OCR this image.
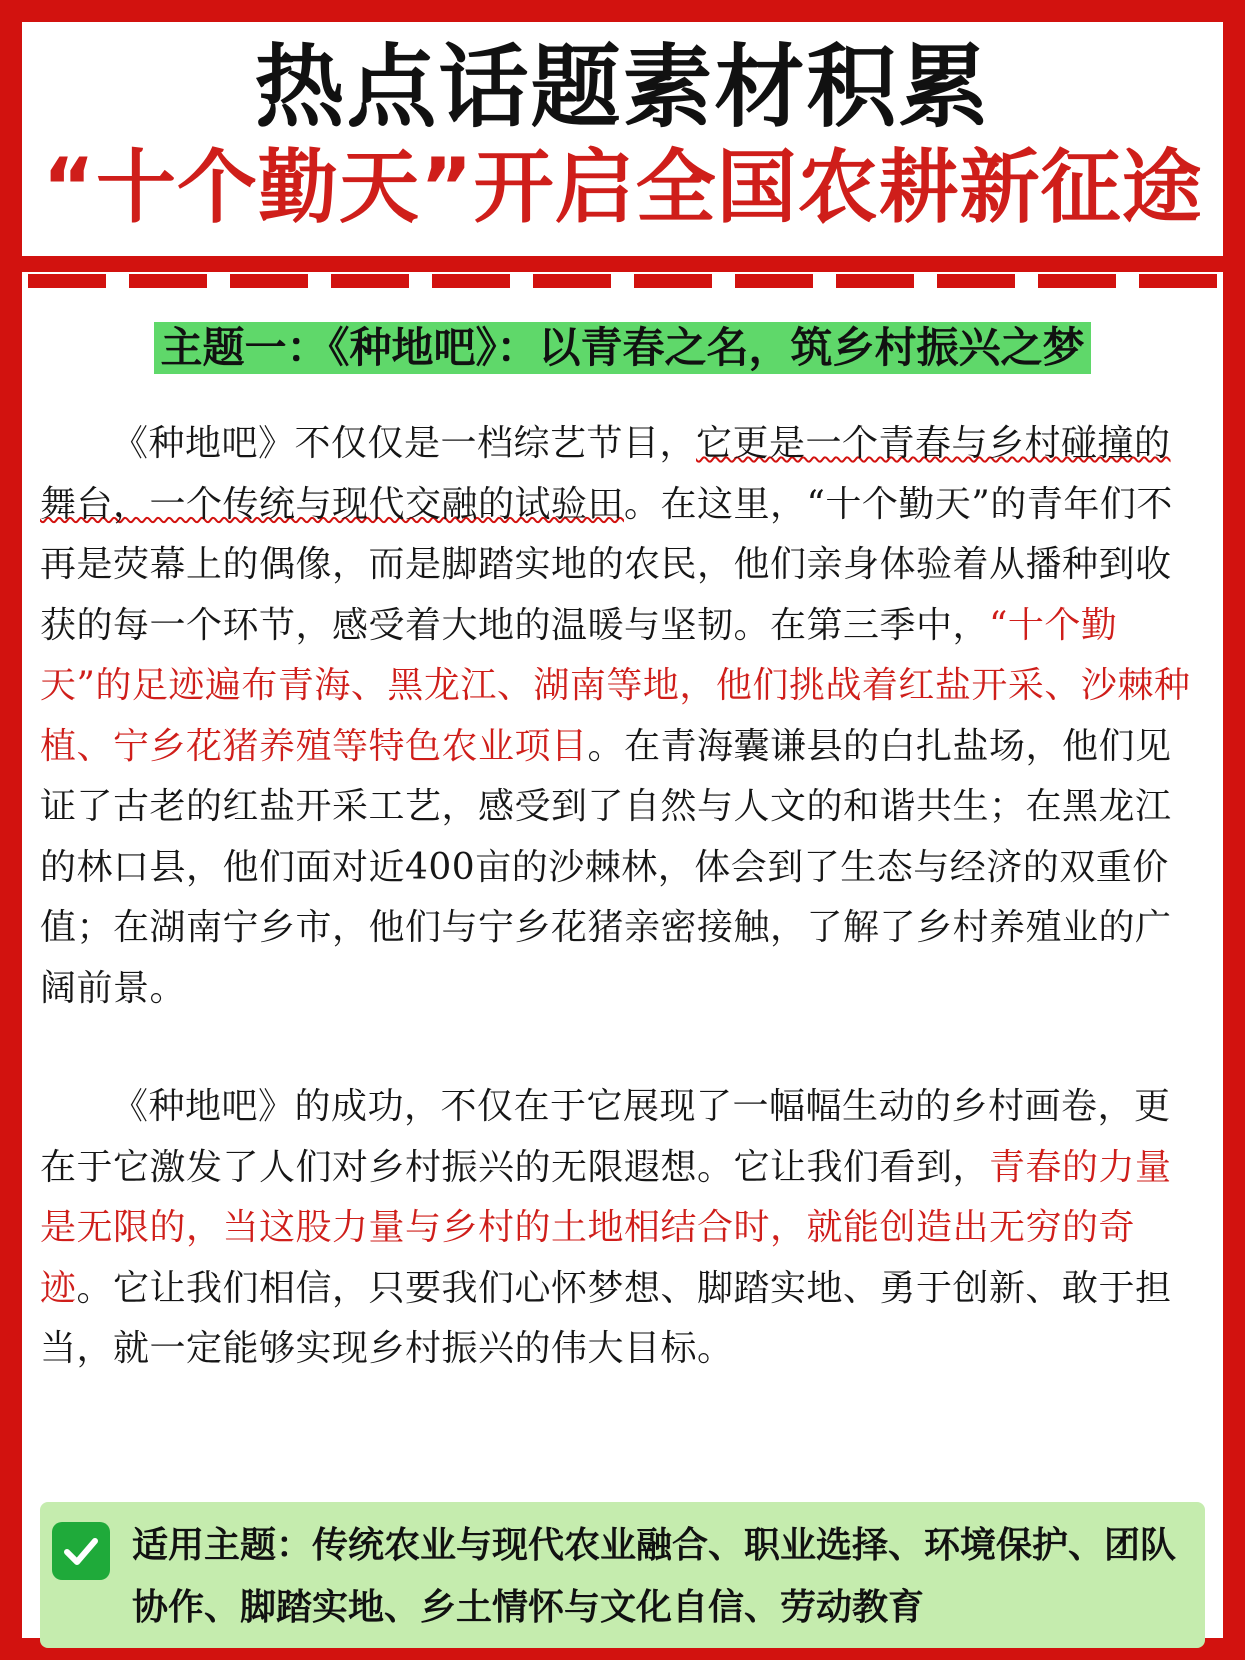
热点话题素材积累
“十个勤天”开启全国农耕新征途
主题一：《种地吧》：以青春之名，筑乡村振兴之梦

《种地吧》不仅仅是一档综艺节目，它更是一个青春与乡村碰撞的舞台，一个传统与现代交融的试验田。在这里，“十个勤天”的青年们不再是荧幕上的偶像，而是脚踏实地的农民，他们亲身体验着从播种到收获的每一个环节，感受着大地的温暖与坚韧。在第三季中，“十个勤天”的足迹遍布青海、黑龙江、湖南等地，他们挑战着红盐开采、沙棘种植、宁乡花猪养殖等特色农业项目。在青海囊谦县的白扎盐场，他们见证了古老的红盐开采工艺，感受到了自然与人文的和谐共生；在黑龙江的林口县，他们面对近400亩的沙棘林，体会到了生态与经济的双重价值；在湖南宁乡市，他们与宁乡花猪亲密接触，了解了乡村养殖业的广阔前景。

《种地吧》的成功，不仅在于它展现了一幅幅生动的乡村画卷，更在于它激发了人们对乡村振兴的无限遐想。它让我们看到，青春的力量是无限的，当这股力量与乡村的土地相结合时，就能创造出无穷的奇迹。它让我们相信，只要我们心怀梦想、脚踏实地、勇于创新、敢于担当，就一定能够实现乡村振兴的伟大目标。

适用主题：传统农业与现代农业融合、职业选择、环境保护、团队协作、脚踏实地、乡土情怀与文化自信、劳动教育
